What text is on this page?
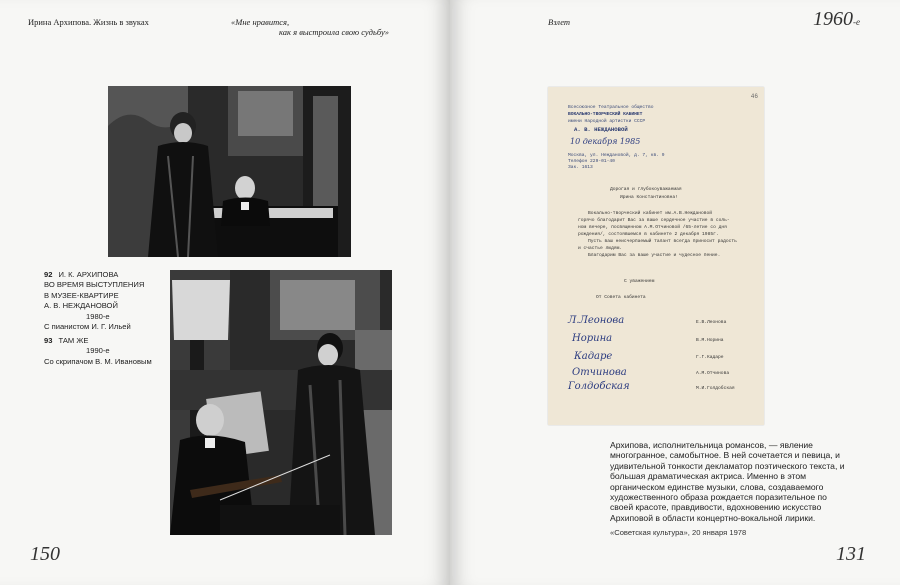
Ирина Архипова. Жизнь в звуках	«Мне нравится,
как я выстроила свою судьбу»
92 И. К. АРХИПОВА
ВО ВРЕМЯ ВЫСТУПЛЕНИЯ
В МУЗЕЕ-КВАРТИРЕ
А. В. НЕЖДАНОВОЙ
1980-е
С пианистом И. Г. Ильей
93 ТАМ ЖЕ
1990-е
Со скрипачом В. М. Ивановым
150
Взлет	1960-е
131
46
Всесоюзное Театральное общество
ВОКАЛЬНО-ТВОРЧЕСКИЙ КАБИНЕТ
имени Народной артистки СССР
А. В. НЕЖДАНОВОЙ
10 декабря 1985
Москва, ул. Неждановой, д. 7, кв. 9
Телефон 229-01-40
Зак. 1613
Дорогая и глубокоуважаемая
Ирина Константиновна!
Вокально-творческий кабинет им.А.В.Неждановой
горячо благодарит Вас за ваше сердечное участие в соль-
ном вечере, посвященном А.М.Отчиновой /65-летие со дня
рождения/, состоявшемся в кабинете 2 декабря 1985г.
Пусть ваш неисчерпаемый талант всегда приносит радость
и счастье людям.
Благодарим Вас за ваше участие и чудесное пение.
С уважением
От Совета кабинета
Л.Леонова	Е.В.Леонова
Норина	В.М.Норина
Кадаре	Г.Г.Кадаре
Отчинова	А.М.Отчинова
Голдобская	М.И.Голдобская
Архипова, исполнительница романсов, — явление многогранное, самобытное. В ней сочетается и певица, и удивительной тонкости декламатор поэтического текста, и большая драматическая актриса. Именно в этом органическом единстве музыки, слова, создаваемого художественного образа рождается поразительное по своей красоте, правдивости, вдохновению искусство Архиповой в области концертно-вокальной лирики.
«Советская культура», 20 января 1978
